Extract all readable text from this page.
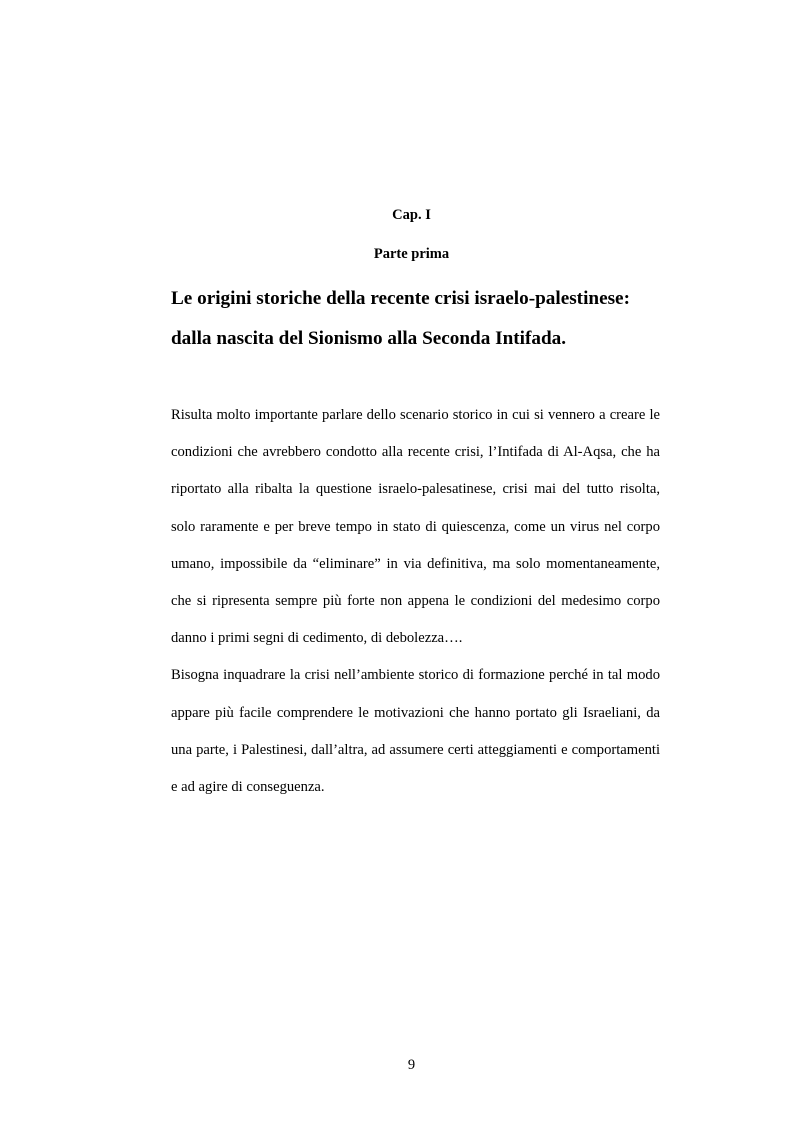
Cap. I
Parte prima
Le origini storiche della recente crisi israelo-palestinese: dalla nascita del Sionismo alla Seconda Intifada.

Risulta molto importante parlare dello scenario storico in cui si vennero a creare le condizioni che avrebbero condotto alla recente crisi, l’Intifada di Al-Aqsa, che ha riportato alla ribalta la questione israelo-palesatinese, crisi mai del tutto risolta, solo raramente e per breve tempo in stato di quiescenza, come un virus nel corpo umano, impossibile da “eliminare” in via definitiva, ma solo momentaneamente, che si ripresenta sempre più forte non appena le condizioni del medesimo corpo danno i primi segni di cedimento, di debolezza….

Bisogna inquadrare la crisi nell’ambiente storico di formazione perché in tal modo appare più facile comprendere le motivazioni che hanno portato gli Israeliani, da una parte, i Palestinesi, dall’altra, ad assumere certi atteggiamenti e comportamenti e ad agire di conseguenza.

9
